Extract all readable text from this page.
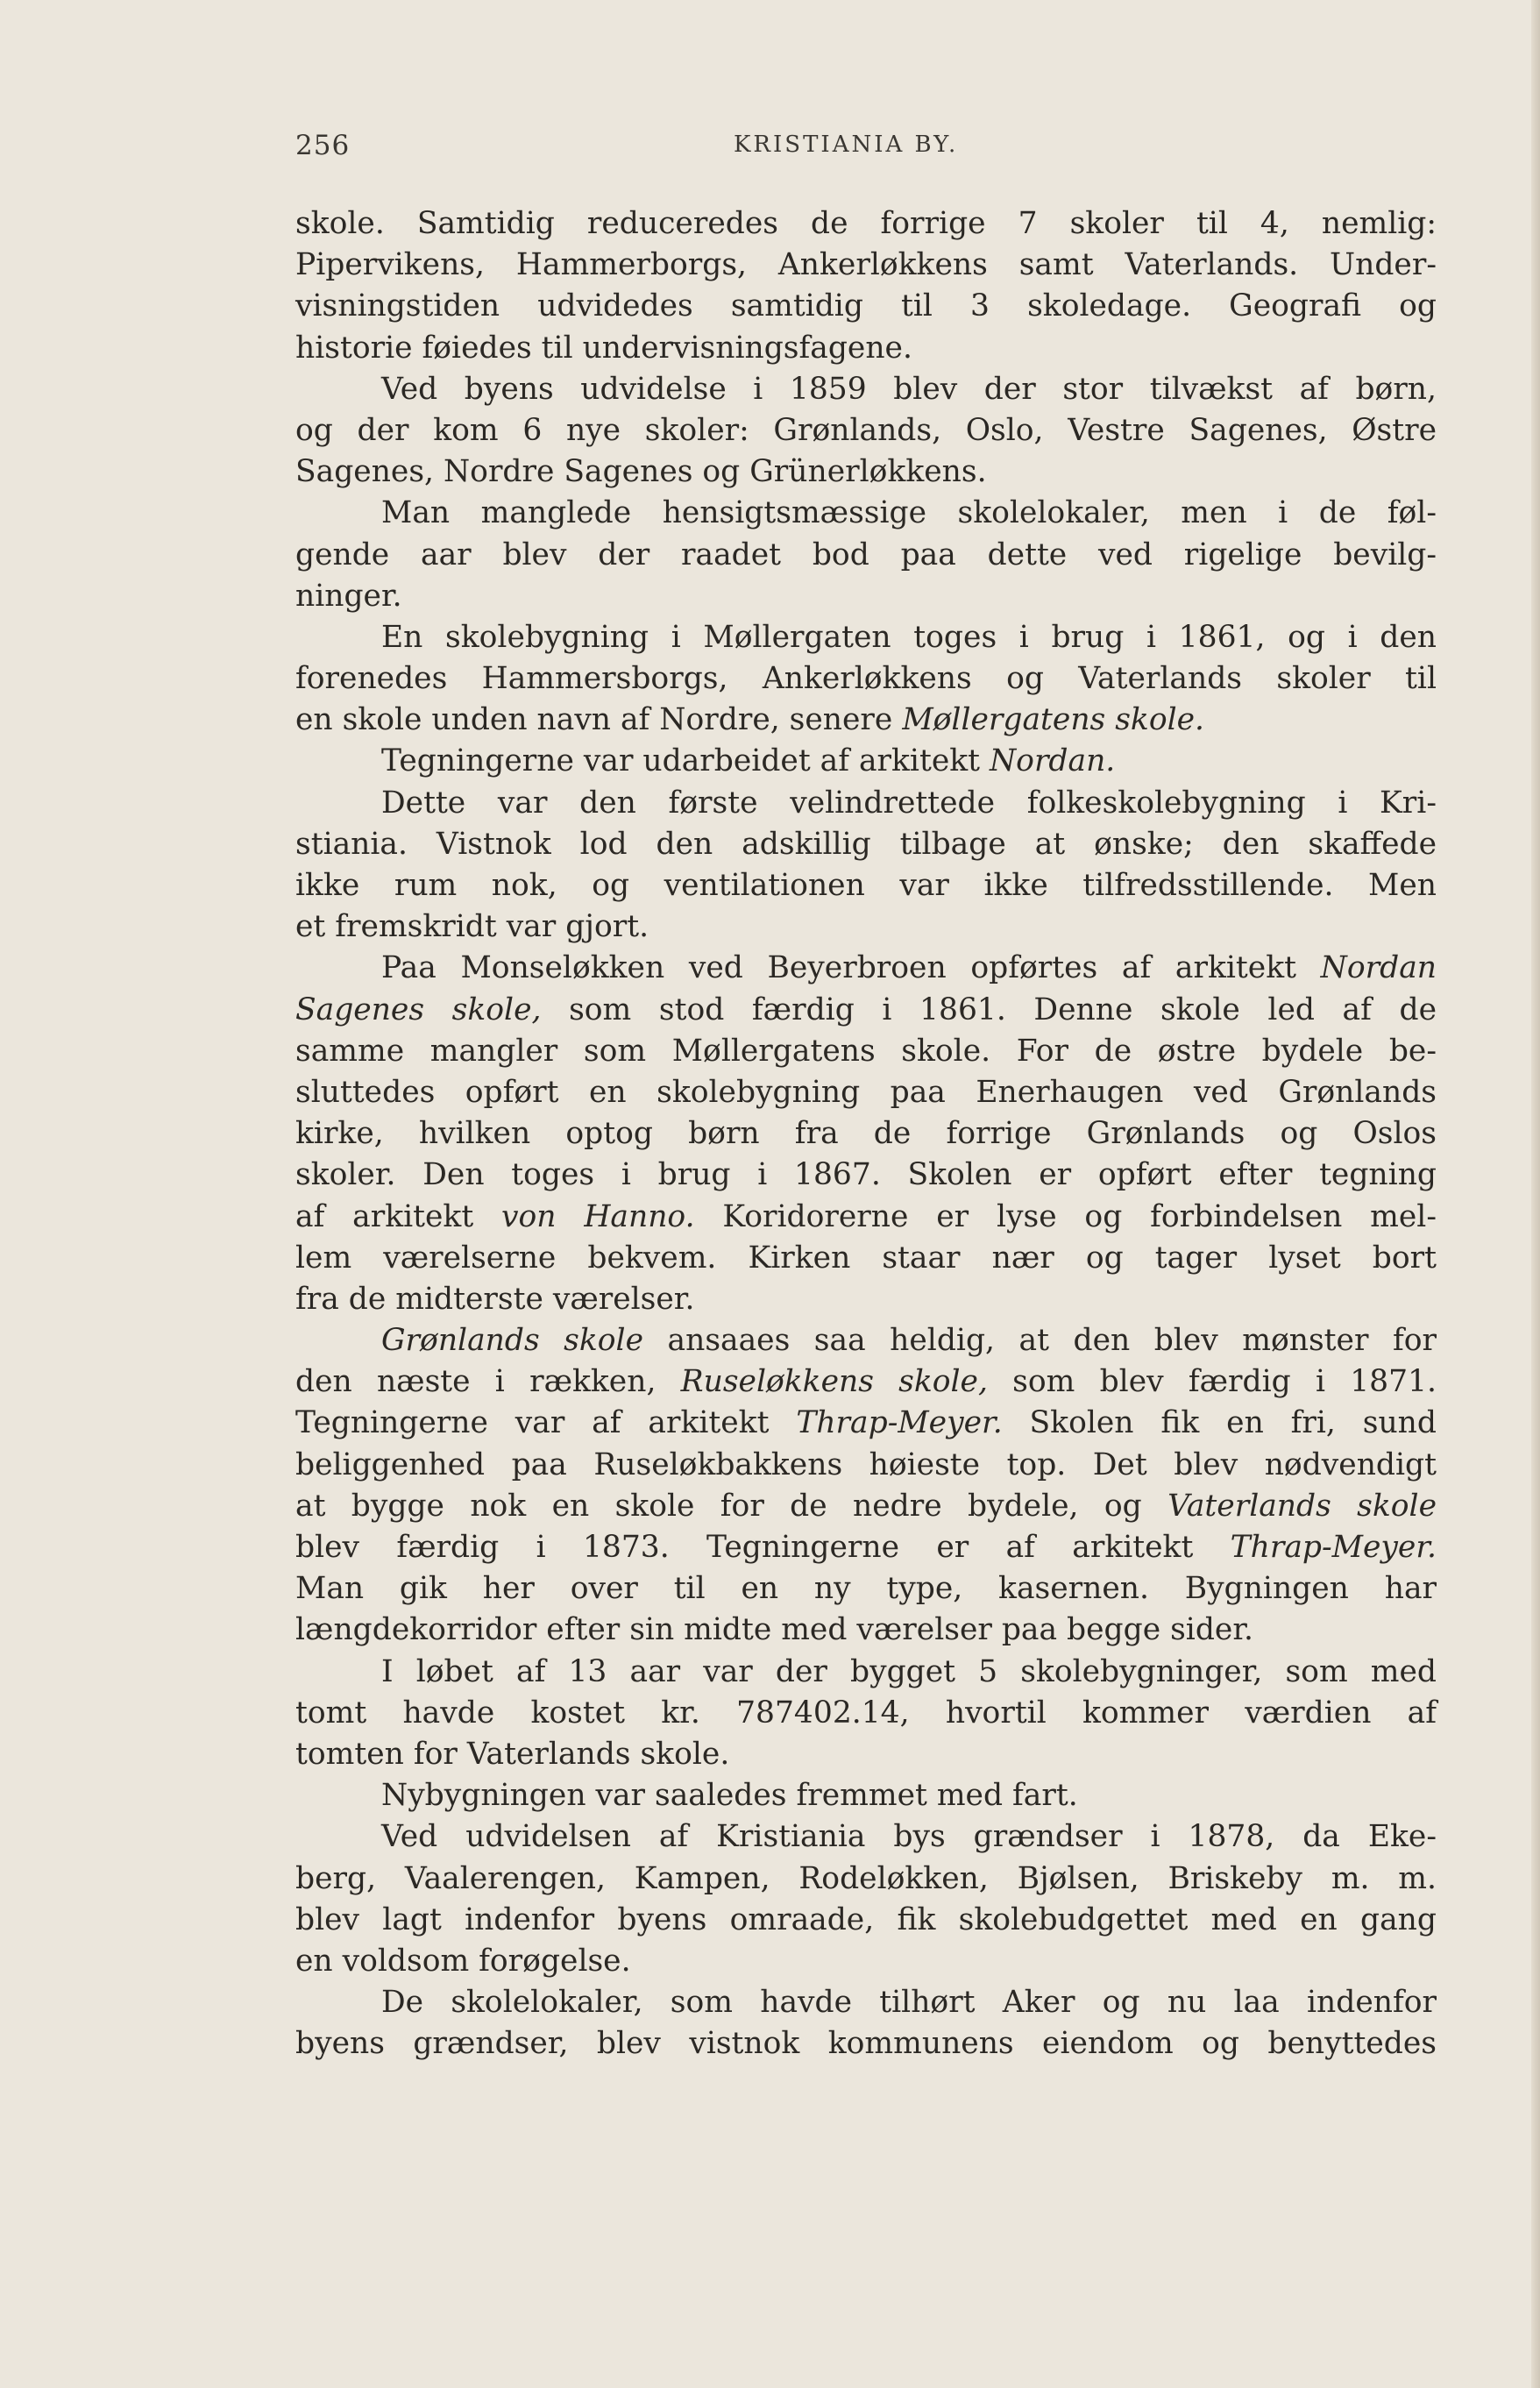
256	KRISTIANIA BY.
skole. Samtidig reduceredes de forrige 7 skoler til 4, nemlig:
Pipervikens, Hammerborgs, Ankerløkkens samt Vaterlands. Under-
visningstiden udvidedes samtidig til 3 skoledage. Geografi og
historie føiedes til undervisningsfagene.
Ved byens udvidelse i 1859 blev der stor tilvækst af børn,
og der kom 6 nye skoler: Grønlands, Oslo, Vestre Sagenes, Østre
Sagenes, Nordre Sagenes og Grünerløkkens.
Man manglede hensigtsmæssige skolelokaler, men i de føl-
gende aar blev der raadet bod paa dette ved rigelige bevilg-
ninger.
En skolebygning i Møllergaten toges i brug i 1861, og i den
forenedes Hammersborgs, Ankerløkkens og Vaterlands skoler til
en skole unden navn af Nordre, senere Møllergatens skole.
Tegningerne var udarbeidet af arkitekt Nordan.
Dette var den første velindrettede folkeskolebygning i Kri-
stiania. Vistnok lod den adskillig tilbage at ønske; den skaffede
ikke rum nok, og ventilationen var ikke tilfredsstillende. Men
et fremskridt var gjort.
Paa Monseløkken ved Beyerbroen opførtes af arkitekt Nordan
Sagenes skole, som stod færdig i 1861. Denne skole led af de
samme mangler som Møllergatens skole. For de østre bydele be-
sluttedes opført en skolebygning paa Enerhaugen ved Grønlands
kirke, hvilken optog børn fra de forrige Grønlands og Oslos
skoler. Den toges i brug i 1867. Skolen er opført efter tegning
af arkitekt von Hanno. Koridorerne er lyse og forbindelsen mel-
lem værelserne bekvem. Kirken staar nær og tager lyset bort
fra de midterste værelser.
Grønlands skole ansaaes saa heldig, at den blev mønster for
den næste i rækken, Ruseløkkens skole, som blev færdig i 1871.
Tegningerne var af arkitekt Thrap-Meyer. Skolen fik en fri, sund
beliggenhed paa Ruseløkbakkens høieste top. Det blev nødvendigt
at bygge nok en skole for de nedre bydele, og Vaterlands skole
blev færdig i 1873. Tegningerne er af arkitekt Thrap-Meyer.
Man gik her over til en ny type, kasernen. Bygningen har
længdekorridor efter sin midte med værelser paa begge sider.
I løbet af 13 aar var der bygget 5 skolebygninger, som med
tomt havde kostet kr. 787402.14, hvortil kommer værdien af
tomten for Vaterlands skole.
Nybygningen var saaledes fremmet med fart.
Ved udvidelsen af Kristiania bys grændser i 1878, da Eke-
berg, Vaalerengen, Kampen, Rodeløkken, Bjølsen, Briskeby m. m.
blev lagt indenfor byens omraade, fik skolebudgettet med en gang
en voldsom forøgelse.
De skolelokaler, som havde tilhørt Aker og nu laa indenfor
byens grændser, blev vistnok kommunens eiendom og benyttedes
